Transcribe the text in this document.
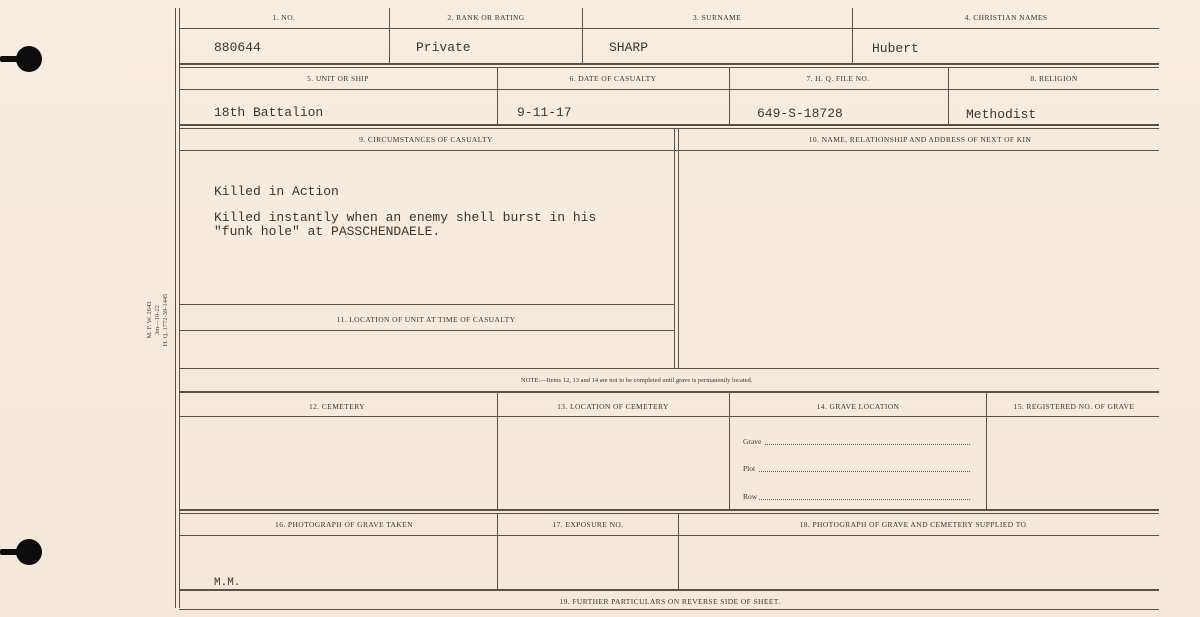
M. F. W. 2643 3m—10-22 H. Q. 1772-39-1445
1. NO.	2. RANK OR RATING	3. SURNAME	4. CHRISTIAN NAMES
880644	Private	SHARP	Hubert
5. UNIT OR SHIP	6. DATE OF CASUALTY	7. H. Q. FILE NO.	8. RELIGION
18th Battalion	9-11-17	649-S-18728	Methodist
9. CIRCUMSTANCES OF CASUALTY	10. NAME, RELATIONSHIP AND ADDRESS OF NEXT OF KIN
Killed in Action
Killed instantly when an enemy shell burst in his
"funk hole" at PASSCHENDAELE.
11. LOCATION OF UNIT AT TIME OF CASUALTY
NOTE:—Items 12, 13 and 14 are not to be completed until grave is permanently located.
12. CEMETERY	13. LOCATION OF CEMETERY	14. GRAVE LOCATION	15. REGISTERED NO. OF GRAVE
Grave
Plot
Row
16. PHOTOGRAPH OF GRAVE TAKEN	17. EXPOSURE NO.	18. PHOTOGRAPH OF GRAVE AND CEMETERY SUPPLIED TO
M.M.
19. FURTHER PARTICULARS ON REVERSE SIDE OF SHEET.
